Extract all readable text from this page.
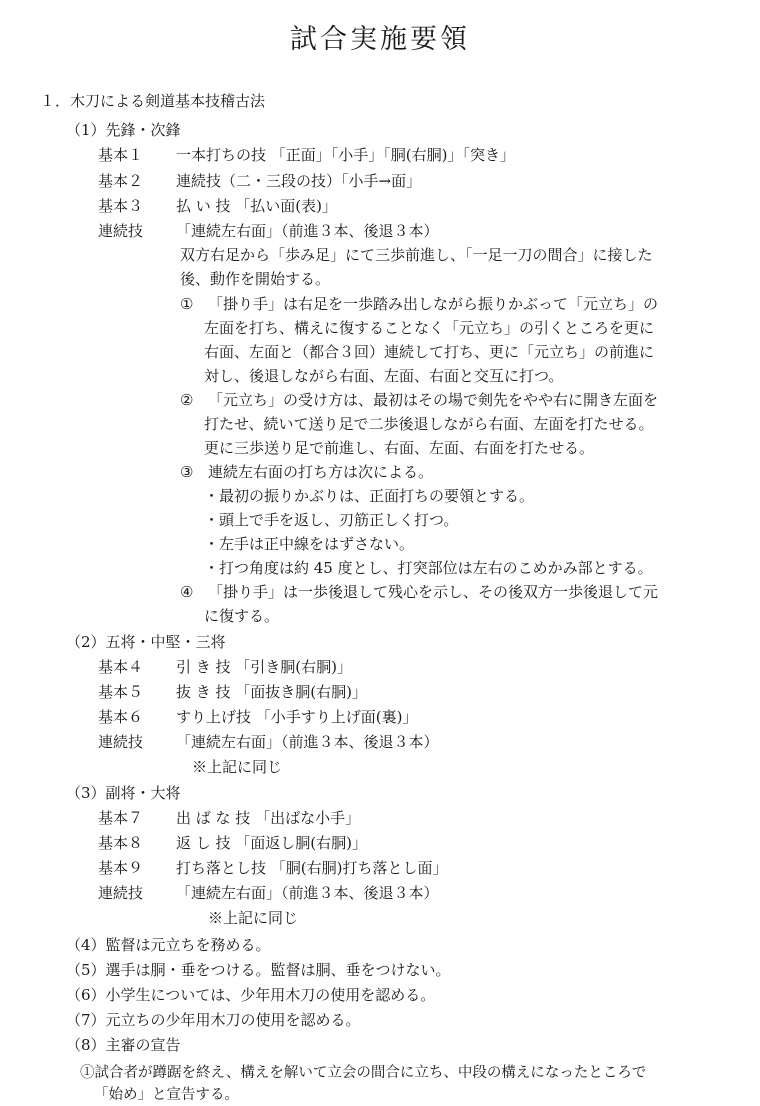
試合実施要領
１．木刀による剣道基本技稽古法
（1）先鋒・次鋒
基本１ 一本打ちの技 「正面」「小手」「胴(右胴)」「突き」
基本２ 連続技（二・三段の技）「小手→面」
基本３ 払 い 技 「払い面(表)」
連続技 「連続左右面」（前進３本、後退３本）
双方右足から「歩み足」にて三歩前進し、「一足一刀の間合」に接した
後、動作を開始する。
① 「掛り手」は右足を一歩踏み出しながら振りかぶって「元立ち」の
左面を打ち、構えに復することなく「元立ち」の引くところを更に
右面、左面と（都合３回）連続して打ち、更に「元立ち」の前進に
対し、後退しながら右面、左面、右面と交互に打つ。
② 「元立ち」の受け方は、最初はその場で剣先をやや右に開き左面を
打たせ、続いて送り足で二歩後退しながら右面、左面を打たせる。
更に三歩送り足で前進し、右面、左面、右面を打たせる。
③ 連続左右面の打ち方は次による。
・最初の振りかぶりは、正面打ちの要領とする。
・頭上で手を返し、刃筋正しく打つ。
・左手は正中線をはずさない。
・打つ角度は約 45 度とし、打突部位は左右のこめかみ部とする。
④ 「掛り手」は一歩後退して残心を示し、その後双方一歩後退して元
に復する。
（2）五将・中堅・三将
基本４ 引 き 技 「引き胴(右胴)」
基本５ 抜 き 技 「面抜き胴(右胴)」
基本６ すり上げ技 「小手すり上げ面(裏)」
連続技 「連続左右面」（前進３本、後退３本）
※上記に同じ
（3）副将・大将
基本７ 出 ば な 技 「出ばな小手」
基本８ 返 し 技 「面返し胴(右胴)」
基本９ 打ち落とし技 「胴(右胴)打ち落とし面」
連続技 「連続左右面」（前進３本、後退３本）
※上記に同じ
（4）監督は元立ちを務める。
（5）選手は胴・垂をつける。監督は胴、垂をつけない。
（6）小学生については、少年用木刀の使用を認める。
（7）元立ちの少年用木刀の使用を認める。
（8）主審の宣告
①試合者が蹲踞を終え、構えを解いて立会の間合に立ち、中段の構えになったところで
「始め」と宣告する。
